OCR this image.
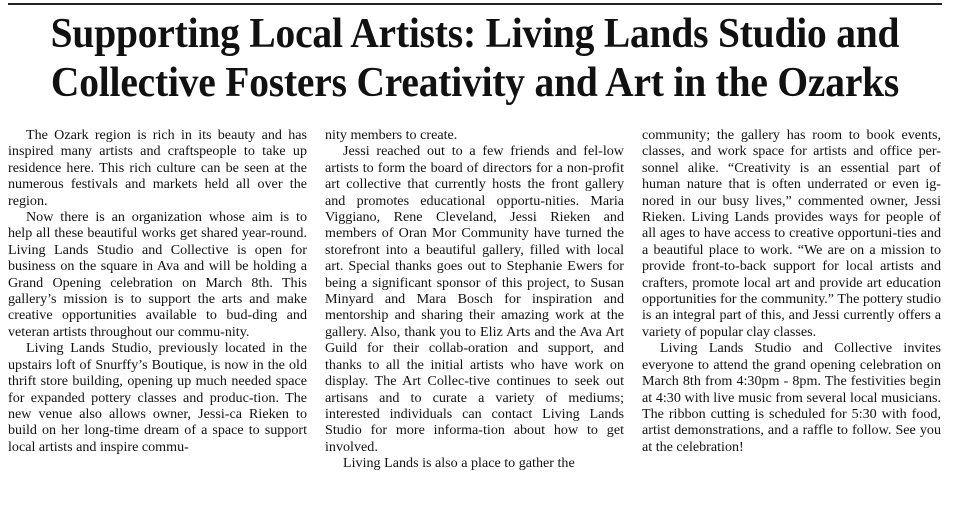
Supporting Local Artists: Living Lands Studio and Collective Fosters Creativity and Art in the Ozarks

The Ozark region is rich in its beauty and has inspired many artists and craftspeople to take up residence here. This rich culture can be seen at the numerous festivals and markets held all over the region.

Now there is an organization whose aim is to help all these beautiful works get shared year-round. Living Lands Studio and Collective is open for business on the square in Ava and will be holding a Grand Opening celebration on March 8th. This gallery’s mission is to support the arts and make creative opportunities available to bud-ding and veteran artists throughout our commu-nity.

Living Lands Studio, previously located in the upstairs loft of Snurffy’s Boutique, is now in the old thrift store building, opening up much needed space for expanded pottery classes and produc-tion. The new venue also allows owner, Jessi-ca Rieken to build on her long-time dream of a space to support local artists and inspire commu-

nity members to create.

Jessi reached out to a few friends and fel-low artists to form the board of directors for a non-profit art collective that currently hosts the front gallery and promotes educational opportu-nities. Maria Viggiano, Rene Cleveland, Jessi Rieken and members of Oran Mor Community have turned the storefront into a beautiful gallery, filled with local art. Special thanks goes out to Stephanie Ewers for being a significant sponsor of this project, to Susan Minyard and Mara Bosch for inspiration and mentorship and sharing their amazing work at the gallery. Also, thank you to Eliz Arts and the Ava Art Guild for their collab-oration and support, and thanks to all the initial artists who have work on display. The Art Collec-tive continues to seek out artisans and to curate a variety of mediums; interested individuals can contact Living Lands Studio for more informa-tion about how to get involved.

Living Lands is also a place to gather the

community; the gallery has room to book events, classes, and work space for artists and office per-sonnel alike. “Creativity is an essential part of human nature that is often underrated or even ig-nored in our busy lives,” commented owner, Jessi Rieken. Living Lands provides ways for people of all ages to have access to creative opportuni-ties and a beautiful place to work. “We are on a mission to provide front-to-back support for local artists and crafters, promote local art and provide art education opportunities for the community.” The pottery studio is an integral part of this, and Jessi currently offers a variety of popular clay classes.

Living Lands Studio and Collective invites everyone to attend the grand opening celebration on March 8th from 4:30pm - 8pm. The festivities begin at 4:30 with live music from several local musicians. The ribbon cutting is scheduled for 5:30 with food, artist demonstrations, and a raffle to follow. See you at the celebration!
